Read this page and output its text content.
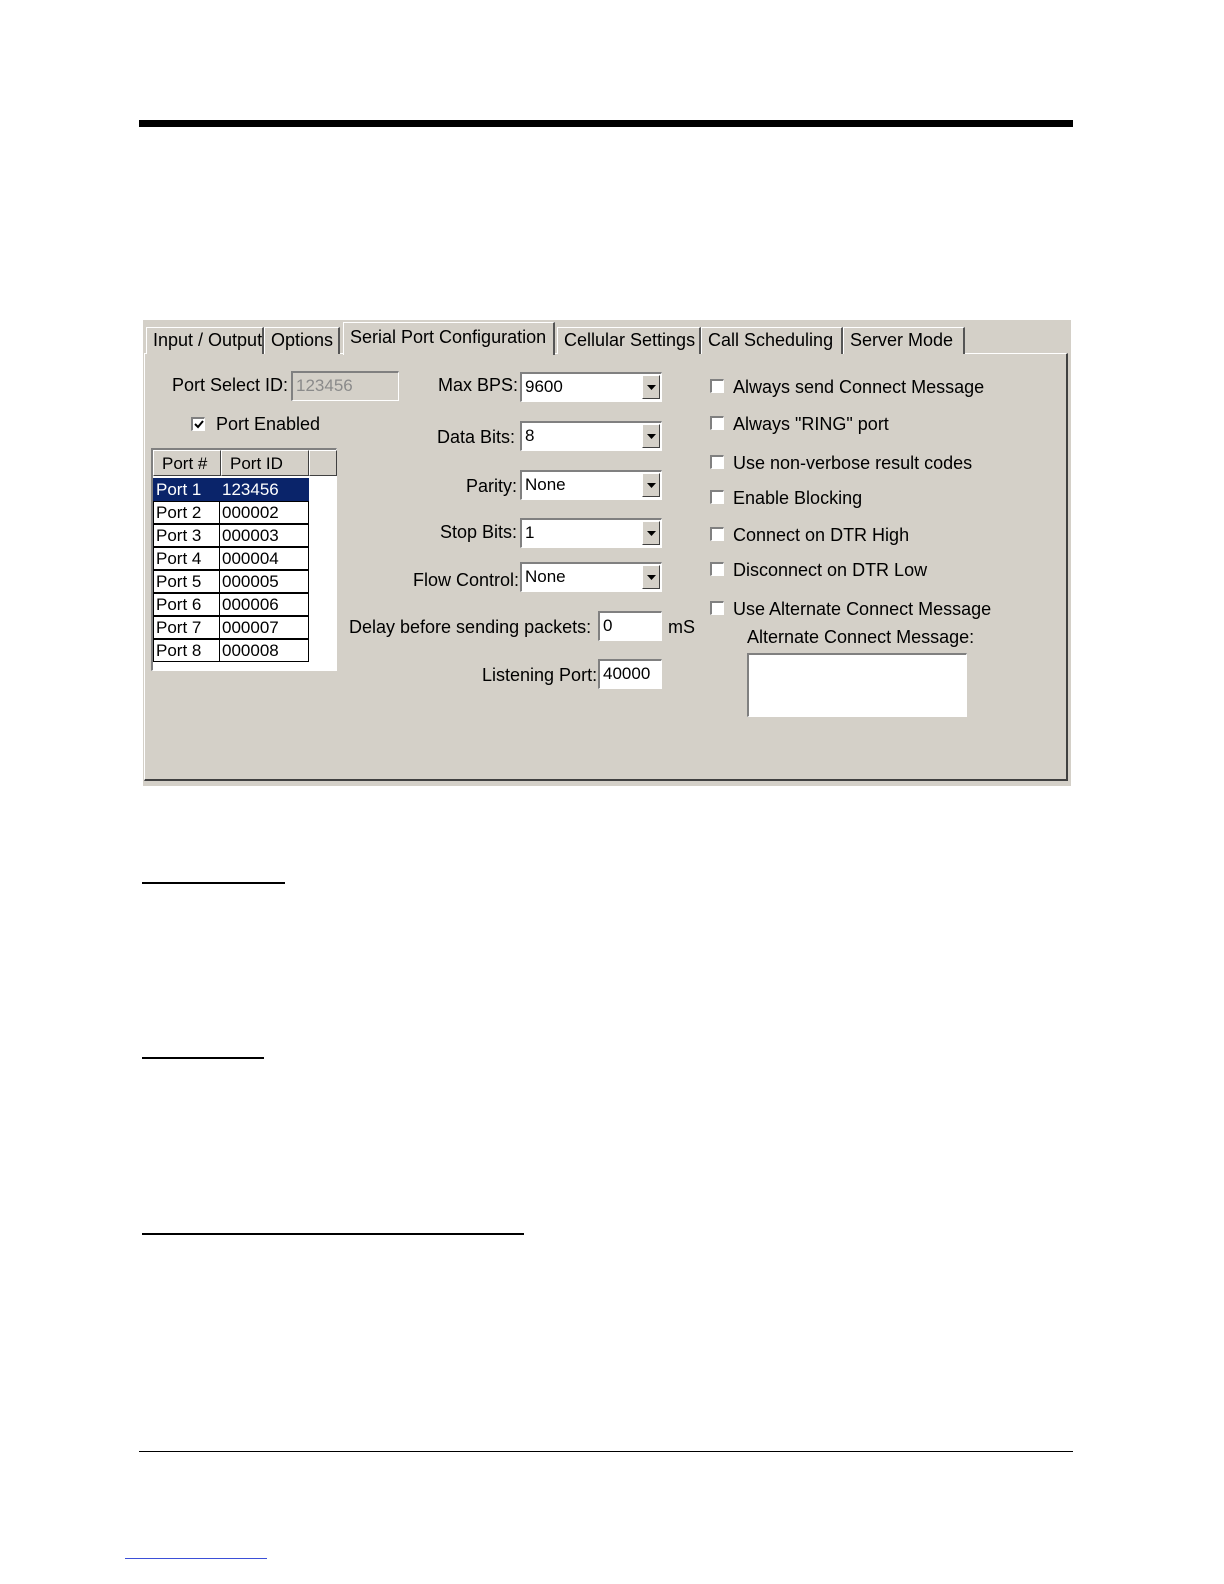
Input / Output Options Serial Port Configuration Cellular Settings Call Scheduling Server Mode
Port Select ID: 123456
Port Enabled
Port #	Port ID
Port 1	123456
Port 2	000002
Port 3	000003
Port 4	000004
Port 5	000005
Port 6	000006
Port 7	000007
Port 8	000008
Max BPS: 9600
Data Bits: 8
Parity: None
Stop Bits: 1
Flow Control: None
Delay before sending packets: 0	mS
Listening Port: 40000
Always send Connect Message
Always "RING" port
Use non-verbose result codes
Enable Blocking
Connect on DTR High
Disconnect on DTR Low
Use Alternate Connect Message
Alternate Connect Message:
